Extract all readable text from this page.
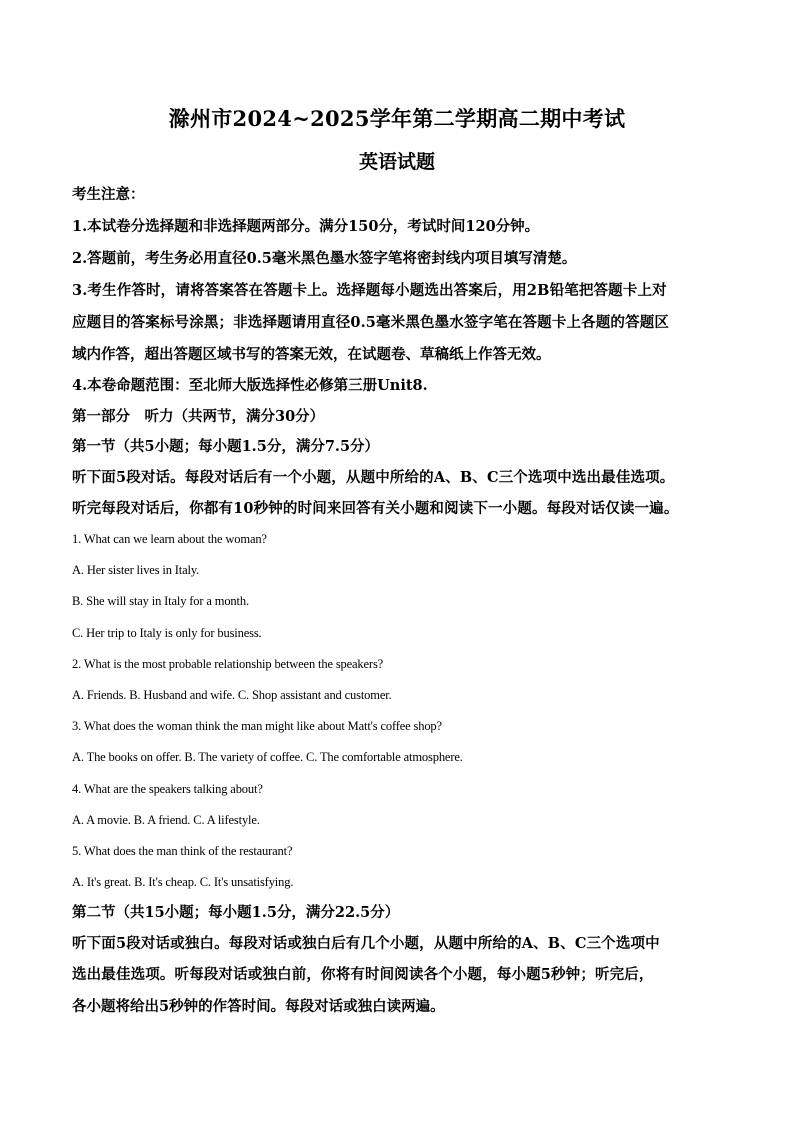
滁州市2024~2025学年第二学期高二期中考试
英语试题
考生注意：
1.本试卷分选择题和非选择题两部分。满分150分，考试时间120分钟。
2.答题前，考生务必用直径0.5毫米黑色墨水签字笔将密封线内项目填写清楚。
3.考生作答时，请将答案答在答题卡上。选择题每小题选出答案后，用2B铅笔把答题卡上对
应题目的答案标号涂黑；非选择题请用直径0.5毫米黑色墨水签字笔在答题卡上各题的答题区
域内作答，超出答题区域书写的答案无效，在试题卷、草稿纸上作答无效。
4.本卷命题范围：至北师大版选择性必修第三册Unit8.
第一部分　听力（共两节，满分30分）
第一节（共5小题；每小题1.5分，满分7.5分）
听下面5段对话。每段对话后有一个小题，从题中所给的A、B、C三个选项中选出最佳选项。
听完每段对话后，你都有10秒钟的时间来回答有关小题和阅读下一小题。每段对话仅读一遍。
1. What can we learn about the woman?
A. Her sister lives in Italy.
B. She will stay in Italy for a month.
C. Her trip to Italy is only for business.
2. What is the most probable relationship between the speakers?
A. Friends. B. Husband and wife. C. Shop assistant and customer.
3. What does the woman think the man might like about Matt's coffee shop?
A. The books on offer. B. The variety of coffee. C. The comfortable atmosphere.
4. What are the speakers talking about?
A. A movie. B. A friend. C. A lifestyle.
5. What does the man think of the restaurant?
A. It's great. B. It's cheap. C. It's unsatisfying.
第二节（共15小题；每小题1.5分，满分22.5分）
听下面5段对话或独白。每段对话或独白后有几个小题，从题中所给的A、B、C三个选项中
选出最佳选项。听每段对话或独白前，你将有时间阅读各个小题，每小题5秒钟；听完后，
各小题将给出5秒钟的作答时间。每段对话或独白读两遍。
